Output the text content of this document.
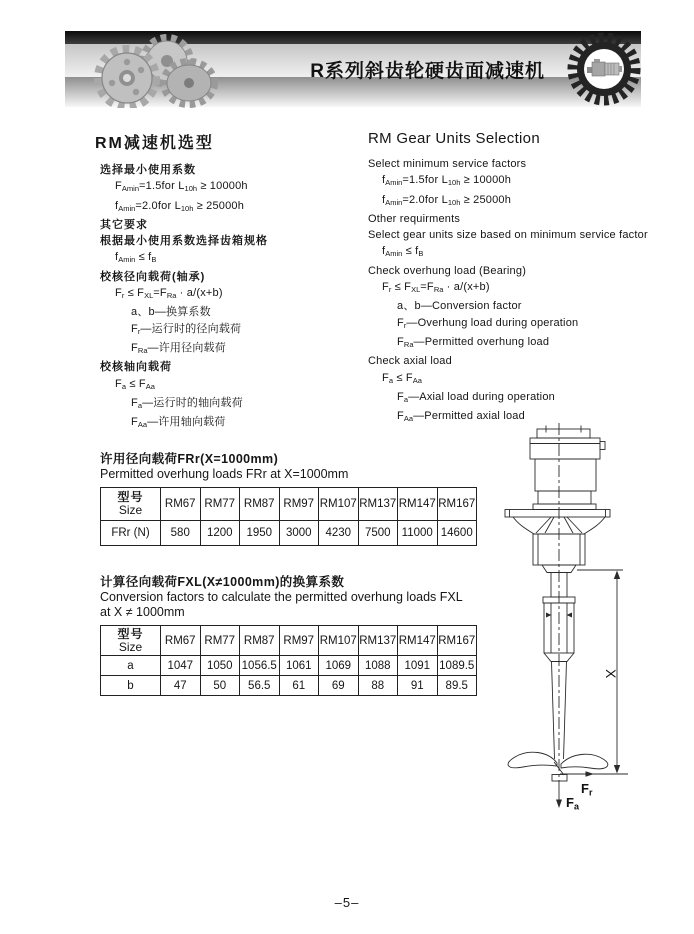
R系列斜齿轮硬齿面减速机
RM减速机选型
选择最小使用系数
$F_{Amin}=1.5for$ $L_{10h} \ge 10000h$
$f_{Amin}=2.0for$ $L_{10h} \ge 25000h$
其它要求
根据最小使用系数选择齿箱规格
$f_{Amin} \le f_B$
校核径向载荷(轴承)
$F_r \le F_{XL}=F_{Ra} \cdot a/(x+b)$
a、b—换算系数
$F_r—$运行时的径向载荷
$F_{Ra}—$许用径向载荷
校核轴向载荷
$F_a \le F_{Aa}$
$F_a—$运行时的轴向载荷
$F_{Aa}—$许用轴向载荷
RM Gear Units Selection
Select minimum service factors
$f_{Amin}=1.5for$ $L_{10h} \ge 10000h$
$f_{Amin}=2.0for$ $L_{10h} \ge 25000h$
Other requirments
Select gear units size based on minimum service factor
$f_{Amin} \le f_B$
Check overhung load (Bearing)
$F_r \le F_{XL}=F_{Ra} \cdot a/(x+b)$
a、b—Conversion factor
$F_r—Overhung$ load during operation
$F_{Ra}—Permitted$ overhung load
Check axial load
$F_a \le F_{Aa}$
$F_a—Axial$ load during operation
$F_{Aa}—Permitted$ axial load
许用径向载荷FRr(X=1000mm)
Permitted overhung loads FRr at X=1000mm
型号
Size	RM67	RM77	RM87	RM97	RM107	RM137	RM147	RM167
FRr (N)	580	1200	1950	3000	4230	7500	11000	14600
计算径向载荷FXL(X≠1000mm)的换算系数
Conversion factors to calculate the permitted overhung loads FXL
at X ≠ 1000mm
型号
Size	RM67	RM77	RM87	RM97	RM107	RM137	RM147	RM167
a	1047	1050	1056.5	1061	1069	1088	1091	1089.5
b	47	50	56.5	61	69	88	91	89.5
X
Fr
Fa
–5–
